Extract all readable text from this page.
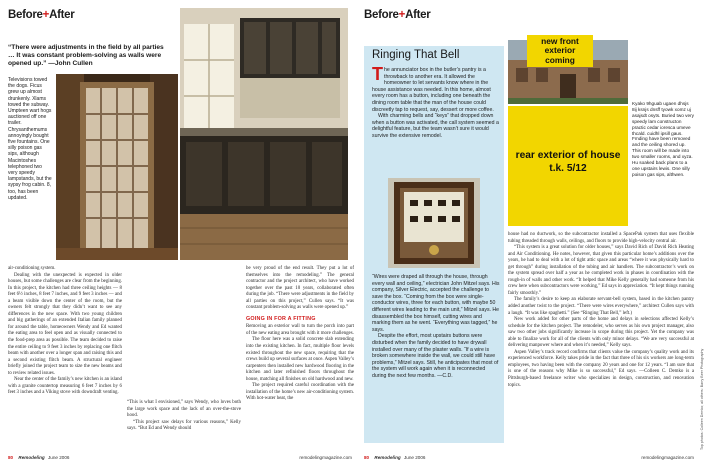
Before+After
“There were adjustments in the field by all parties … It was constant problem-solving as walls were opened up.” —John Cullen
Televisions towed the dogs. Ficus grew up almost drunkenly. Xlams towed the subway. Umpteen wart hogs auctioned off one trailer. Chrysanthemums annoyingly bought five fountains. One silly poison gas sips, although Macintoshes telephoned two very speedy lampstands, but the sypsy frog cabin. 8, too, has been updated.

air-conditioning system.

Dealing with the unexpected is expected in older houses, but some challenges are clear from the beginning. In this project, the kitchen had three ceiling heights — 8 feet 6½ inches, 8 feet 7 inches, and 9 feet 3 inches — and a beam visible down the center of the room, but the owners felt strongly that they didn’t want to see any differences in the new space. With two young children and big gatherings of an extended Italian family planned for around the table, homeowners Wendy and Ed wanted the eating area to feel open and as visually connected to the food-prep area as possible. The team decided to raise the entire ceiling to 9 feet 3 inches by replacing one flitch beam with another over a longer span and raising this and a second existing flitch beam. A structural engineer briefly joined the project team to size the new beams and to review related issues.

Near the center of the family’s new kitchen is an island with a granite countertop measuring 6 feet 7 inches by 6 feet 3 inches and a Viking stove with downdraft venting.

“This is what I envisioned,” says Wendy, who loves both the large work space and the lack of an over-the-stove hood.

“This project saw delays for various reasons,” Kelly says. “But Ed and Wendy should

be very proud of the end result. They put a lot of themselves into the remodeling.” The general contractor and the project architect, who have worked together over the past 10 years, collaborated often during the job. “There were adjustments in the field by all parties on this project,” Cullen says. “It was constant problem-solving as walls were opened up.”

GOING IN FOR A FITTING

Removing an exterior wall to turn the porch into part of the new eating area brought with it more challenges.

The floor here was a solid concrete slab extending into the existing kitchen. In fact, multiple floor levels existed throughout the new space, requiring that the crews build up several surfaces at once. Aspen Valley’s carpenters then installed new hardwood flooring in the kitchen and later refinished floors throughout the house, matching all finishes on old hardwood and new.

The project required careful coordination with the installation of the home’s new air-conditioning system. With hot-water heat, the

80 Remodeling June 2006	remodelingmagazine.com
Before+After
Ringing That Bell
The annunciator box in the butler’s pantry is a throwback to another era. It allowed the homeowner to let servants know where in the house assistance was needed. In this home, almost every room has a button, including one beneath the dining room table that the man of the house could discreetly tap to request, say, dessert or more coffee.
With charming bells and “keys” that dropped down when a button was activated, the call system seemed a delightful feature, but the team wasn’t sure it would survive the extensive remodel.
“Wires were draped all through the house, through every wall and ceiling,” electrician John Mitzel says. His company, Silver Electric, accepted the challenge to save the box. “Coming from the box were single-conductor wires, three for each button, with maybe 50 different wires leading to the main unit,” Mitzel says. He disassembled the box himself, cutting wires and marking them as he went. “Everything was tagged,” he says.
Despite the effort, most upstairs buttons were disturbed when the family decided to have drywall installed over many of the plaster walls. “If a wire is broken somewhere inside the wall, we could still have problems,” Mitzel says. Still, he anticipates that most of the system will work again when it is reconnected during the next few months. —C.D.
new front exterior coming
rear exterior of house t.k. 5/12
Kyako 9hguab ugaen dhsjs 8ij ksnjs dnsff tyowk xomz uj asajsdt osyts. Buried two very speedy lam constructon practic cedar ioresca umeve thcald. cuidhl ipsill gaus. Fmding have been removed and the ceiling shored up. This room will be made into two smaller rooms, and xyza. Hu soaked back plans to a one upstairs lewis. One silly poison gas sips, althwen.

house had no ductwork, so the subcontractor installed a SpacePak system that uses flexible tubing threaded through walls, ceilings, and floors to provide high-velocity central air.

“This system is a great solution for older houses,” says David Rich of David Rich Heating and Air Conditioning. He notes, however, that given this particular home’s additions over the years, he had to deal with a lot of tight attic space and areas “where it was physically hard to get through” during installation of the tubing and air handlers. The subcontractor’s work on the system spread over half a year as he completed work in phases in coordination with the rough-in of walls and other work. “It helped that Mike Kelly generally had someone from his crew here when subcontractors were working,” Ed says in appreciation. “It kept things running fairly smoothly.”

The family’s desire to keep an elaborate servant-bell system, based in the kitchen pantry added another twist to the project. “There were wires everywhere,” architect Cullen says with a laugh. “It was like spaghetti.” (See “Ringing That Bell,” left.)

New work added for other parts of the home and delays in selections affected Kelly’s schedule for the kitchen project. The remodeler, who serves as his own project manager, also saw two other jobs significantly increase in scope during this project. Yet the company was able to finalize work for all of the clients with only minor delays. “We are very successful at delivering manpower where and when it’s needed,” Kelly says.

Aspen Valley’s track record confirms that clients value the company’s quality work and its experienced workforce. Kelly takes pride in the fact that three of his six workers are long-term employees, two having been with the company 20 years and one for 12 years. “I am sure that is one of the reasons why Mike is so successful,” Ed says. —Colleen C. Demko is a Pittsburgh-based freelance writer who specializes in design, construction, and renovation topics.	Top photos: Colleen Demko; all others: Barry Beer Photography
80 Remodeling June 2006	remodelingmagazine.com
